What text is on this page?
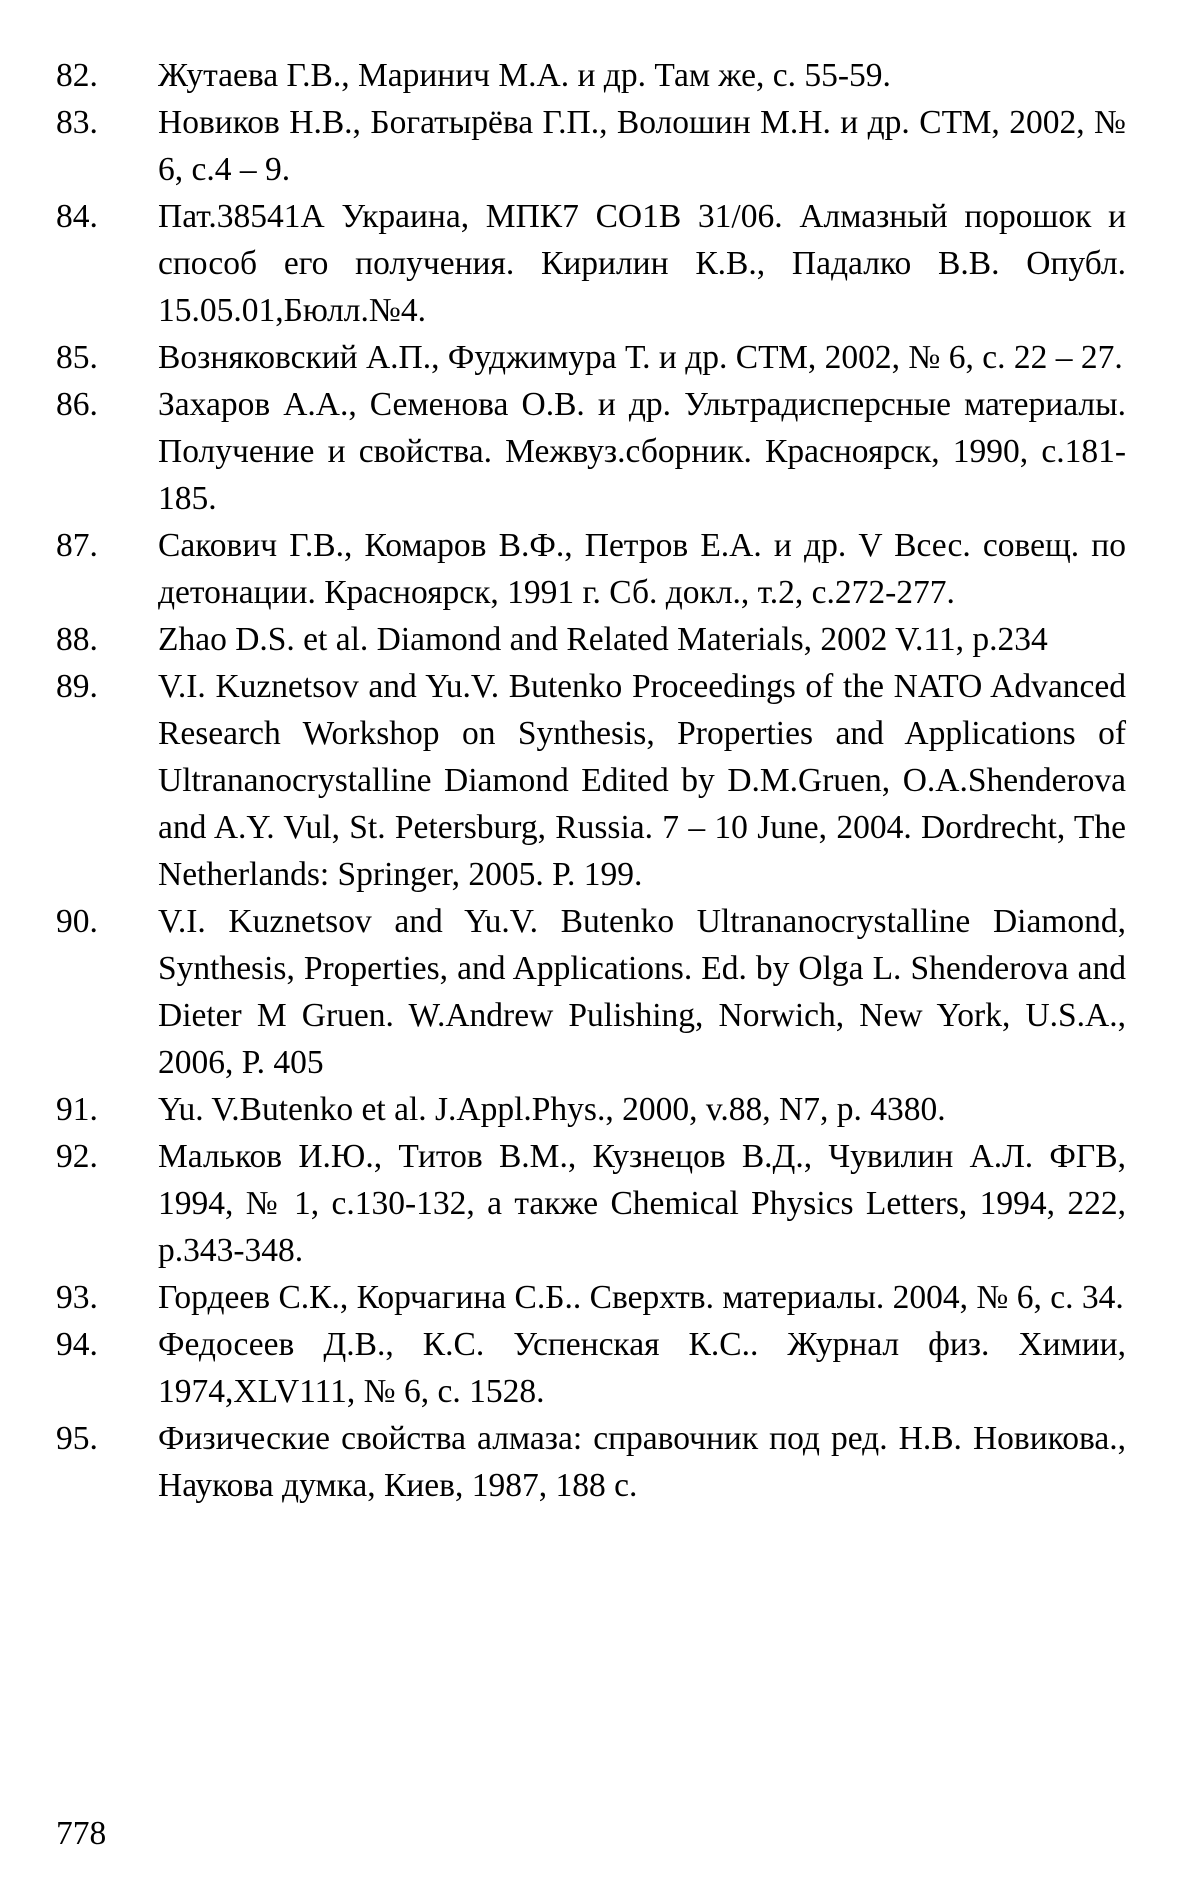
82.	Жутаева Г.В., Маринич М.А. и др. Там же, с. 55-59.
83.	Новиков Н.В., Богатырёва Г.П., Волошин М.Н. и др. СТМ, 2002, № 6, с.4 – 9.
84.	Пат.38541А Украина, МПК7 CO1B 31/06. Алмазный порошок и способ его получения. Кирилин К.В., Падалко В.В. Опубл. 15.05.01,Бюлл.№4.
85.	Возняковский А.П., Фуджимура Т. и др. СТМ, 2002, № 6, с. 22 – 27.
86.	Захаров А.А., Семенова О.В. и др. Ультрадисперсные материалы. Получение и свойства. Межвуз.сборник. Красноярск, 1990, с.181-185.
87.	Сакович Г.В., Комаров В.Ф., Петров Е.А. и др. V Всес. совещ. по детонации. Красноярск, 1991 г. Сб. докл., т.2, с.272-277.
88.	Zhao D.S. et al. Diamond and Related Materials, 2002 V.11, p.234
89.	V.I. Kuznetsov and Yu.V. Butenko Proceedings of the NATO Advanced Research Workshop on Synthesis, Properties and Applications of Ultrananocrystalline Diamond Edited by D.M.Gruen, O.A.Shenderova and A.Y. Vul, St. Petersburg, Russia. 7 – 10 June, 2004. Dordrecht, The Netherlands: Springer, 2005. P. 199.
90.	V.I. Kuznetsov and Yu.V. Butenko Ultrananocrystalline Diamond, Synthesis, Properties, and Applications. Ed. by Olga L. Shenderova and Dieter M Gruen. W.Andrew Pulishing, Norwich, New York, U.S.A., 2006, P. 405
91.	Yu. V.Butenko et al. J.Appl.Phys., 2000, v.88, N7, p. 4380.
92.	Мальков И.Ю., Титов В.М., Кузнецов В.Д., Чувилин А.Л. ФГВ, 1994, № 1, с.130-132, а также Chemical Physics Letters, 1994, 222, p.343-348.
93.	Гордеев С.К., Корчагина С.Б.. Сверхтв. материалы. 2004, № 6, с. 34.
94.	Федосеев Д.В., К.С. Успенская К.С.. Журнал физ. Химии, 1974,XLV111, № 6, с. 1528.
95.	Физические свойства алмаза: справочник под ред. Н.В. Новикова., Наукова думка, Киев, 1987, 188 с.
778
